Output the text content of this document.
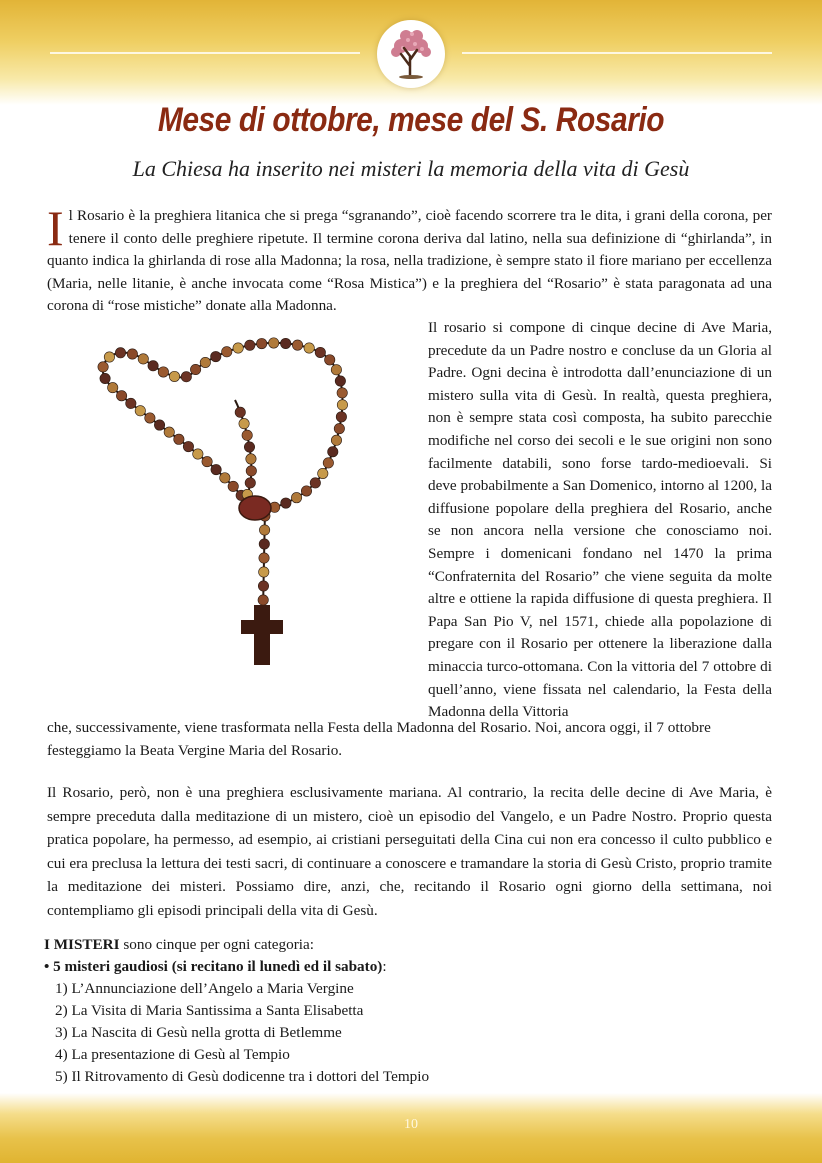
Mese di ottobre, mese del S. Rosario
La Chiesa ha inserito nei misteri la memoria della vita di Gesù

Il Rosario è la preghiera litanica che si prega “sgranando”, cioè facendo scorrere tra le dita, i grani della corona, per tenere il conto delle preghiere ripetute. Il termine corona deriva dal latino, nella sua definizione di “ghirlanda”, in quanto indica la ghirlanda di rose alla Madonna; la rosa, nella tradizione, è sempre stato il fiore mariano per eccellenza (Maria, nelle litanie, è anche invocata come “Rosa Mistica”) e la preghiera del “Rosario” è stata paragonata ad una corona di “rose mistiche” donate alla Madonna.

Il rosario si compone di cinque decine di Ave Maria, precedute da un Padre nostro e concluse da un Gloria al Padre. Ogni decina è introdotta dall’enunciazione di un mistero sulla vita di Gesù. In realtà, questa preghiera, non è sempre stata così composta, ha subito parecchie modifiche nel corso dei secoli e le sue origini non sono facilmente databili, sono forse tardo-medioevali. Si deve probabilmente a San Domenico, intorno al 1200, la diffusione popolare della preghiera del Rosario, anche se non ancora nella versione che conosciamo noi. Sempre i domenicani fondano nel 1470 la prima “Confraternita del Rosario” che viene seguita da molte altre e ottiene la rapida diffusione di questa preghiera. Il Papa San Pio V, nel 1571, chiede alla popolazione di pregare con il Rosario per ottenere la liberazione dalla minaccia turco-ottomana. Con la vittoria del 7 ottobre di quell’anno, viene fissata nel calendario, la Festa della Madonna della Vittoria

che, successivamente, viene trasformata nella Festa della Madonna del Rosario. Noi, ancora oggi, il 7 ottobre festeggiamo la Beata Vergine Maria del Rosario.

Il Rosario, però, non è una preghiera esclusivamente mariana. Al contrario, la recita delle decine di Ave Maria, è sempre preceduta dalla meditazione di un mistero, cioè un episodio del Vangelo, e un Padre Nostro. Proprio questa pratica popolare, ha permesso, ad esempio, ai cristiani perseguitati della Cina cui non era concesso il culto pubblico e cui era preclusa la lettura dei testi sacri, di continuare a conoscere e tramandare la storia di Gesù Cristo, proprio tramite la meditazione dei misteri. Possiamo dire, anzi, che, recitando il Rosario ogni giorno della settimana, noi contempliamo gli episodi principali della vita di Gesù.

I MISTERI sono cinque per ogni categoria:
• 5 misteri gaudiosi (si recitano il lunedì ed il sabato):
1) L’Annunciazione dell’Angelo a Maria Vergine
2) La Visita di Maria Santissima a Santa Elisabetta
3) La Nascita di Gesù nella grotta di Betlemme
4) La presentazione di Gesù al Tempio
5) Il Ritrovamento di Gesù dodicenne tra i dottori del Tempio
10
